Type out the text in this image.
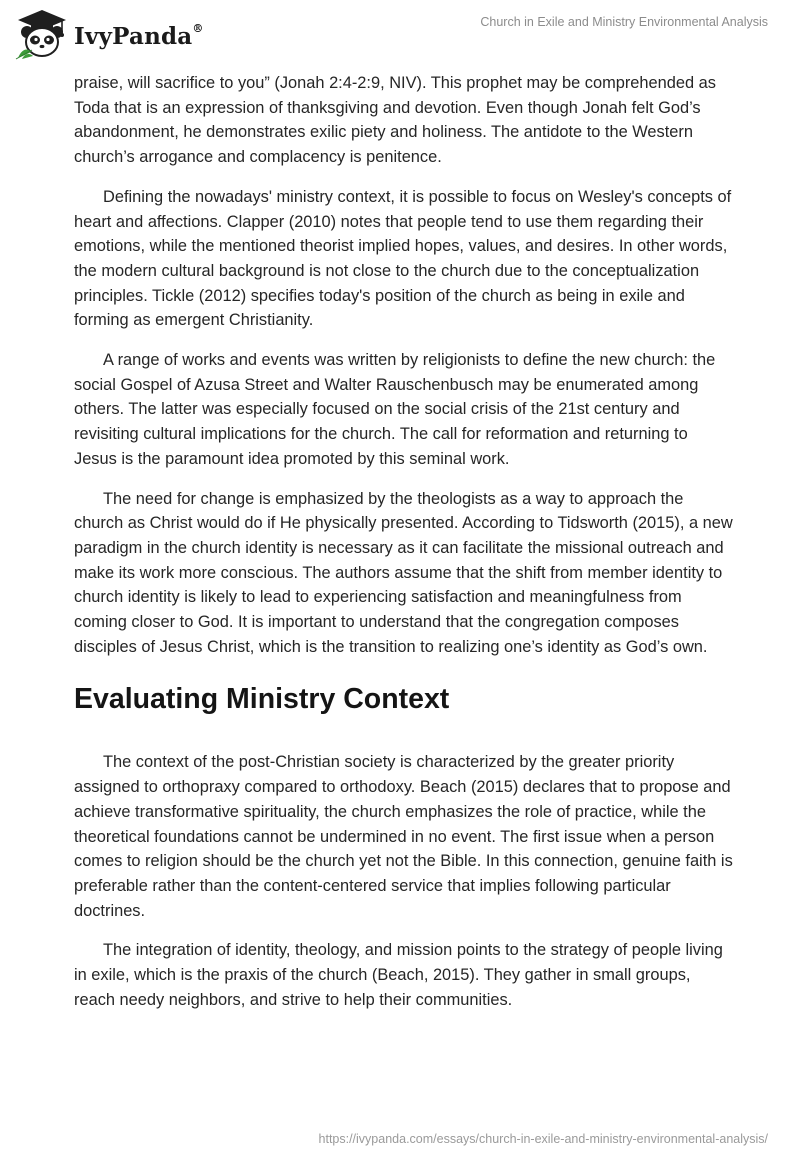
IvyPanda®	Church in Exile and Ministry Environmental Analysis

praise, will sacrifice to you” (Jonah 2:4-2:9, NIV). This prophet may be comprehended as Toda that is an expression of thanksgiving and devotion. Even though Jonah felt God’s abandonment, he demonstrates exilic piety and holiness. The antidote to the Western church’s arrogance and complacency is penitence.

Defining the nowadays' ministry context, it is possible to focus on Wesley's concepts of heart and affections. Clapper (2010) notes that people tend to use them regarding their emotions, while the mentioned theorist implied hopes, values, and desires. In other words, the modern cultural background is not close to the church due to the conceptualization principles. Tickle (2012) specifies today's position of the church as being in exile and forming as emergent Christianity.

A range of works and events was written by religionists to define the new church: the social Gospel of Azusa Street and Walter Rauschenbusch may be enumerated among others. The latter was especially focused on the social crisis of the 21st century and revisiting cultural implications for the church. The call for reformation and returning to Jesus is the paramount idea promoted by this seminal work.

The need for change is emphasized by the theologists as a way to approach the church as Christ would do if He physically presented. According to Tidsworth (2015), a new paradigm in the church identity is necessary as it can facilitate the missional outreach and make its work more conscious. The authors assume that the shift from member identity to church identity is likely to lead to experiencing satisfaction and meaningfulness from coming closer to God. It is important to understand that the congregation composes disciples of Jesus Christ, which is the transition to realizing one’s identity as God’s own.

Evaluating Ministry Context

The context of the post-Christian society is characterized by the greater priority assigned to orthopraxy compared to orthodoxy. Beach (2015) declares that to propose and achieve transformative spirituality, the church emphasizes the role of practice, while the theoretical foundations cannot be undermined in no event. The first issue when a person comes to religion should be the church yet not the Bible. In this connection, genuine faith is preferable rather than the content-centered service that implies following particular doctrines.

The integration of identity, theology, and mission points to the strategy of people living in exile, which is the praxis of the church (Beach, 2015). They gather in small groups, reach needy neighbors, and strive to help their communities.

https://ivypanda.com/essays/church-in-exile-and-ministry-environmental-analysis/
